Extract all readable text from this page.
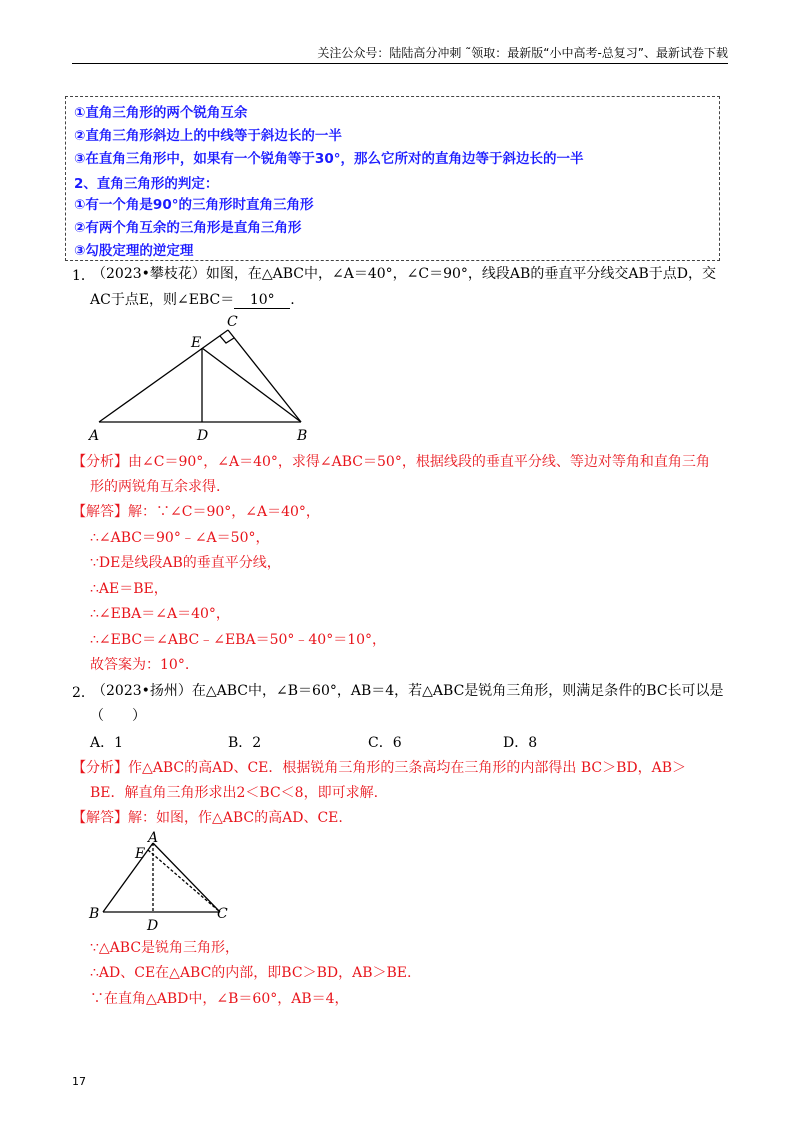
关注公众号：陆陆高分冲刺 ˜领取：最新版“小中高考-总复习”、最新试卷下载
①直角三角形的两个锐角互余
②直角三角形斜边上的中线等于斜边长的一半
③在直角三角形中，如果有一个锐角等于30°，那么它所对的直角边等于斜边长的一半
2、直角三角形的判定：
①有一个角是90°的三角形时直角三角形
②有两个角互余的三角形是直角三角形
③勾股定理的逆定理
1．
（2023•攀枝花）如图，在△ABC中，∠A＝40°，∠C＝90°，线段AB的垂直平分线交AB于点D，交
AC于点E，则∠EBC＝ 10° .
A	D	B
C
E
【分析】由∠C＝90°，∠A＝40°，求得∠ABC＝50°，根据线段的垂直平分线、等边对等角和直角三角
形的两锐角互余求得.
【解答】解：∵∠C＝90°，∠A＝40°，
∴∠ABC＝90°﹣∠A＝50°，
∵DE是线段AB的垂直平分线，
∴AE＝BE，
∴∠EBA＝∠A＝40°，
∴∠EBC＝∠ABC﹣∠EBA＝50°﹣40°＝10°，
故答案为：10°.
2．
（2023•扬州）在△ABC中，∠B＝60°，AB＝4，若△ABC是锐角三角形，则满足条件的BC长可以是
（　　）
A．1	B．2	C．6	D．8
【分析】作△ABC的高AD、CE．根据锐角三角形的三条高均在三角形的内部得出 BC＞BD，AB＞
BE．解直角三角形求出2＜BC＜8，即可求解.
【解答】解：如图，作△ABC的高AD、CE.
B
D
C
A
E
∵△ABC是锐角三角形，
∴AD、CE在△ABC的内部，即BC＞BD，AB＞BE.
∵在直角△ABD中，∠B＝60°，AB＝4，
17
